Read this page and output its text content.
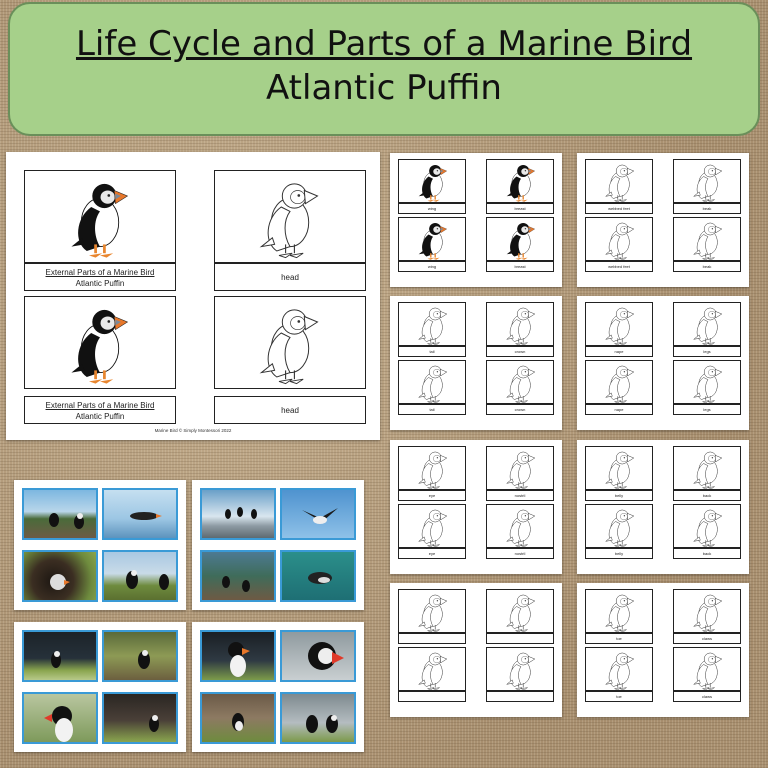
Life Cycle and Parts of a Marine Bird
Atlantic Puffin
External Parts of a Marine Bird
Atlantic Puffin
head
External Parts of a Marine Bird
Atlantic Puffin
head
Marine Bird © Simply Montessori 2022
wing	breast
wing	breast
webbed feet	beak
webbed feet	beak
tail	crown
tail	crown
nape	legs
nape	legs
eye	nostril
eye	nostril
belly	back
belly	back
toe	claws
toe	claws
